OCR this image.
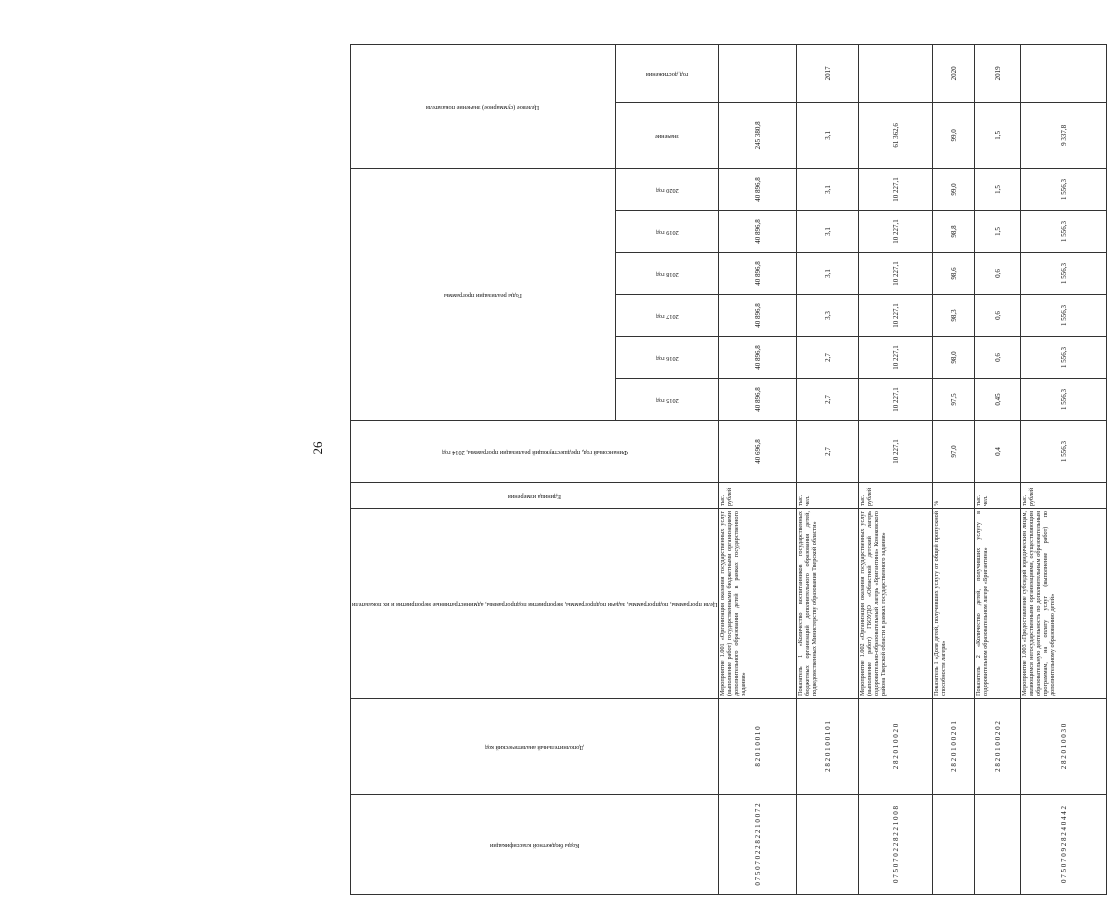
26
Коды бюджетной классификации	Дополнительный аналитический код	Цели программы, подпрограммы, задачи подпрограммы, мероприятия подпрограммы, административные мероприятия и их показатели	Единица измерения	Финансовый год, предшествующий реализации программы, 2014 год	Годы реализации программы						Целевое (суммарное) значение показателя	

					2015 год	2016 год	2017 год	2018 год	2019 год	2020 год	значение	год достижения

0 7 5 0 7 0 2 2 8 2 2 1 0 0 7 2	8 2 0 1 0 0 1 0	Мероприятие 1.001 «Организация оказания государственных услуг (выполнение работ) государственными бюджетными организациями дополнительного образования детей в рамках государственного задания»	тыс. рублей	40 696,8	40 896,8	40 896,8	40 896,8	40 896,8	40 896,8	40 896,8	245 380,8	
	2 8 2 0 1 0 0 1 0 1	Показатель 1 «Количество воспитанников государственных бюджетных организаций дополнительного образования детей, подведомственных Министерству образования Тверской области»	тыс. чел.	2,7	2,7	2,7	3,3	3,1	3,1	3,1	3,1	2017
0 7 5 0 7 0 2 2 8 2 2 1 0 0 8	2 8 2 0 1 0 0 2 0	Мероприятие 1.002 «Организация оказания государственных услуг (выполнение работ) ГБОУДО «Областной детский лагерь оздоровительно-образовательный лагерь «Бригантина» Конаковского района Тверской области в рамках государственного задания»	тыс. рублей	10 227,1	10 227,1	10 227,1	10 227,1	10 227,1	10 227,1	10 227,1	61 362,6	
	2 8 2 0 1 0 0 2 0 1	Показатель 1 «Доля детей, получивших услугу от общей пропускной способности лагеря»	%	97,0	97,5	98,0	98,3	98,6	98,8	99,0	99,0	2020
	2 8 2 0 1 0 0 2 0 2	Показатель 2 «Количество детей, получивших услугу в оздоровительном образовательном лагере «Бригантина»	тыс. чел.	0,4	0,45	0,6	0,6	0,6	1,5	1,5	1,5	2019
0 7 5 0 7 0 9 2 8 2 4 0 4 4 2	2 8 2 0 1 0 0 3 0	Мероприятие 1.003 «Предоставление субсидий юридическим лицам, являющимся негосударственными организациями, осуществляющим образовательную деятельность по дополнительным образовательным программам, на оплату услуг (выполнение работ) по дополнительному образованию детей»	тыс. рублей	1 556,3	1 556,3	1 556,3	1 556,3	1 556,3	1 556,3	1 556,3	9 337,8	
